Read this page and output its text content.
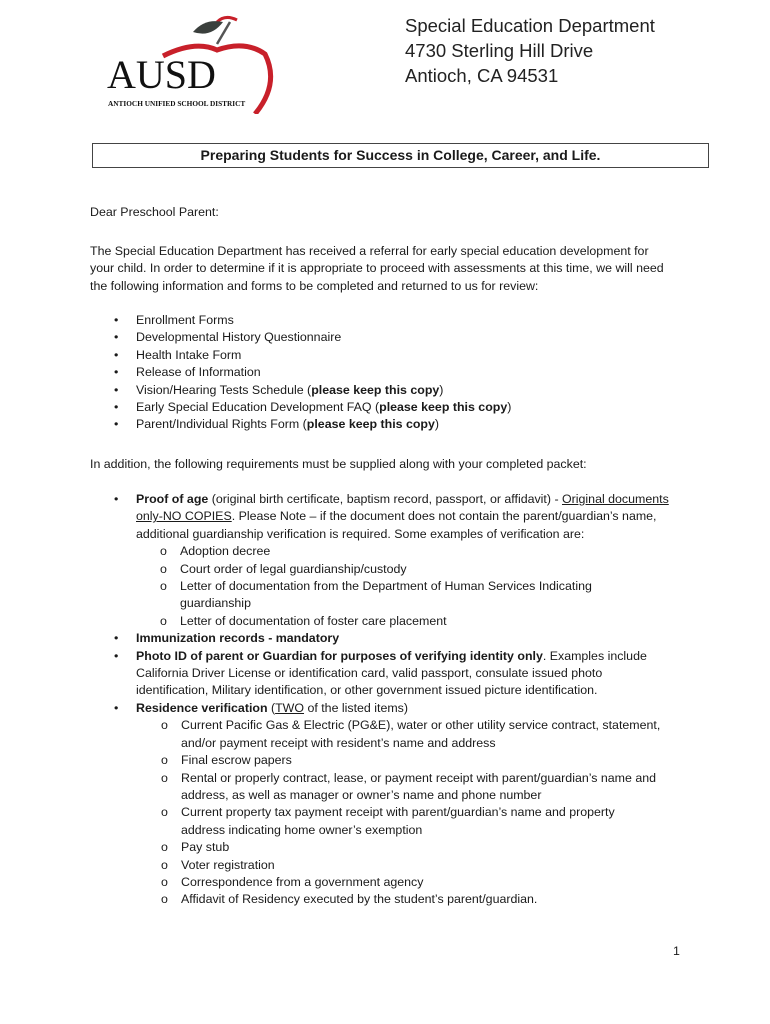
AUSD
ANTIOCH UNIFIED SCHOOL DISTRICT
Special Education Department
4730 Sterling Hill Drive
Antioch, CA 94531
Preparing Students for Success in College, Career, and Life.
Dear Preschool Parent:
The Special Education Department has received a referral for early special education development for your child. In order to determine if it is appropriate to proceed with assessments at this time, we will need the following information and forms to be completed and returned to us for review:
• Enrollment Forms
• Developmental History Questionnaire
• Health Intake Form
• Release of Information
• Vision/Hearing Tests Schedule (please keep this copy)
• Early Special Education Development FAQ (please keep this copy)
• Parent/Individual Rights Form (please keep this copy)
In addition, the following requirements must be supplied along with your completed packet:
• Proof of age (original birth certificate, baptism record, passport, or affidavit) - Original documents only-NO COPIES. Please Note – if the document does not contain the parent/guardian’s name, additional guardianship verification is required. Some examples of verification are:
o Adoption decree
o Court order of legal guardianship/custody
o Letter of documentation from the Department of Human Services Indicating guardianship
o Letter of documentation of foster care placement
• Immunization records - mandatory
• Photo ID of parent or Guardian for purposes of verifying identity only. Examples include California Driver License or identification card, valid passport, consulate issued photo identification, Military identification, or other government issued picture identification.
• Residence verification (TWO of the listed items)
o Current Pacific Gas & Electric (PG&E), water or other utility service contract, statement, and/or payment receipt with resident’s name and address
o Final escrow papers
o Rental or properly contract, lease, or payment receipt with parent/guardian’s name and address, as well as manager or owner’s name and phone number
o Current property tax payment receipt with parent/guardian’s name and property address indicating home owner’s exemption
o Pay stub
o Voter registration
o Correspondence from a government agency
o Affidavit of Residency executed by the student’s parent/guardian.
1
